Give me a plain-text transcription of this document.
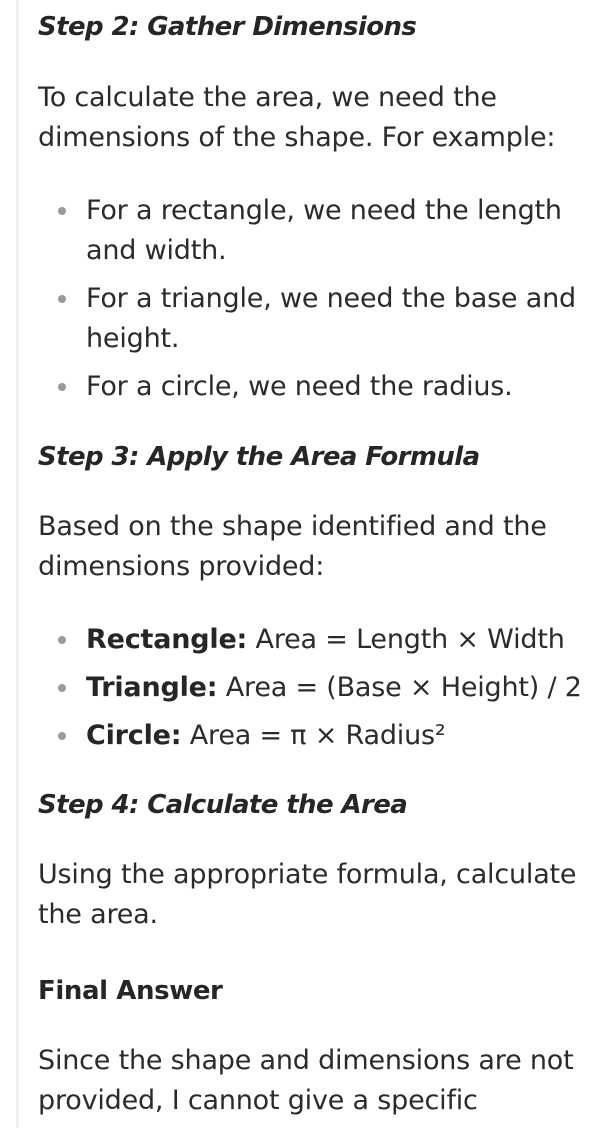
Step 2: Gather Dimensions

To calculate the area, we need the dimensions of the shape. For example:

For a rectangle, we need the length and width.
For a triangle, we need the base and height.
For a circle, we need the radius.
Step 3: Apply the Area Formula

Based on the shape identified and the dimensions provided:

Rectangle: Area = Length × Width
Triangle: Area = (Base × Height) / 2
Circle: Area = π × Radius²
Step 4: Calculate the Area

Using the appropriate formula, calculate the area.

Final Answer

Since the shape and dimensions are not provided, I cannot give a specific
